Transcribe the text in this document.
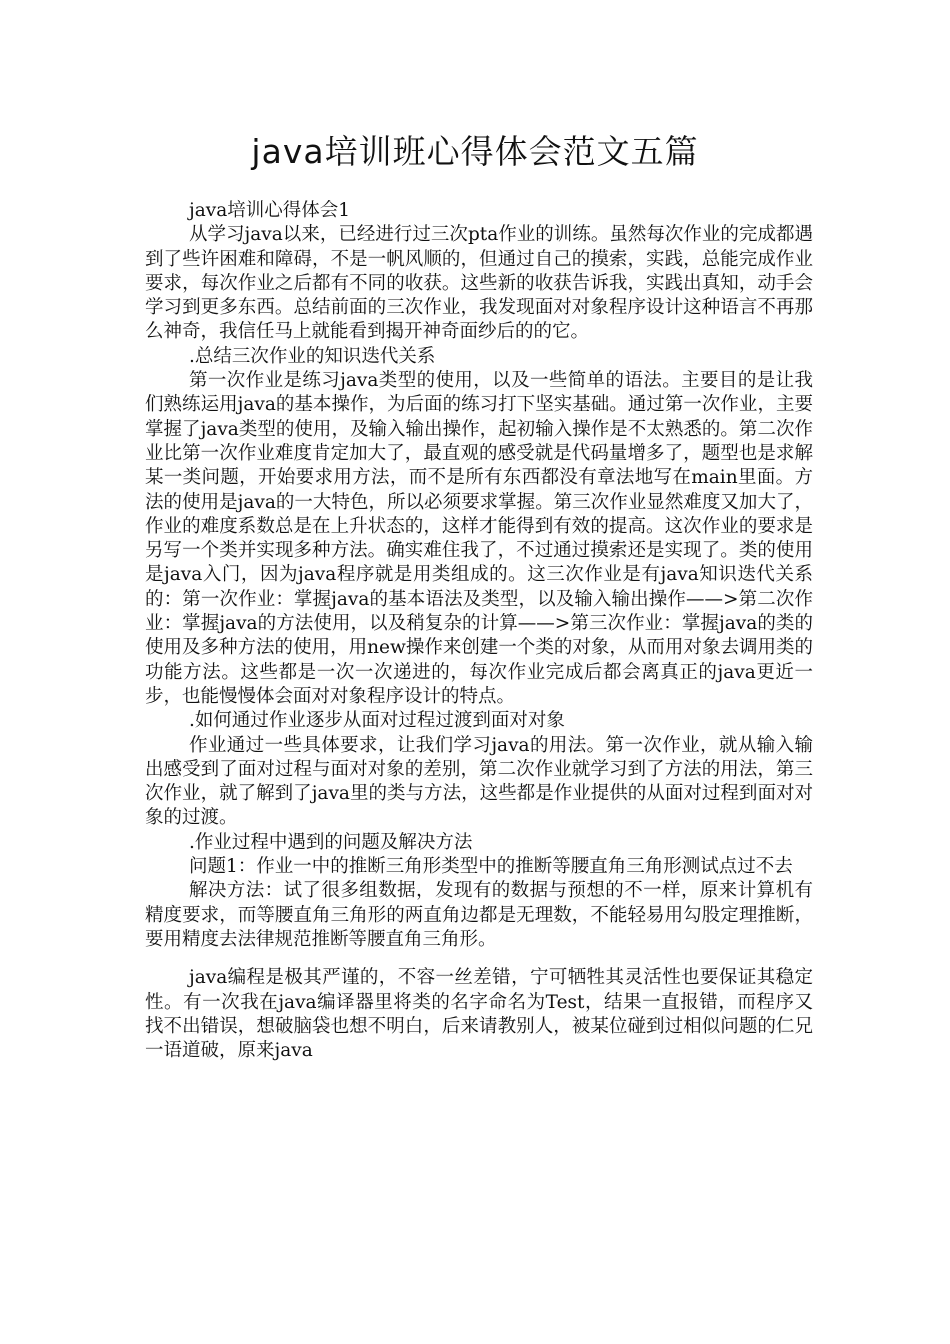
java培训班心得体会范文五篇

java培训心得体会1

从学习java以来，已经进行过三次pta作业的训练。虽然每次作业的完成都遇到了些许困难和障碍，不是一帆风顺的，但通过自己的摸索，实践，总能完成作业要求，每次作业之后都有不同的收获。这些新的收获告诉我，实践出真知，动手会学习到更多东西。总结前面的三次作业，我发现面对对象程序设计这种语言不再那么神奇，我信任马上就能看到揭开神奇面纱后的的它。

.总结三次作业的知识迭代关系

第一次作业是练习java类型的使用，以及一些简单的语法。主要目的是让我们熟练运用java的基本操作，为后面的练习打下坚实基础。通过第一次作业，主要掌握了java类型的使用，及输入输出操作，起初输入操作是不太熟悉的。第二次作业比第一次作业难度肯定加大了，最直观的感受就是代码量增多了，题型也是求解某一类问题，开始要求用方法，而不是所有东西都没有章法地写在main里面。方法的使用是java的一大特色，所以必须要求掌握。第三次作业显然难度又加大了，作业的难度系数总是在上升状态的，这样才能得到有效的提高。这次作业的要求是另写一个类并实现多种方法。确实难住我了，不过通过摸索还是实现了。类的使用是java入门，因为java程序就是用类组成的。这三次作业是有java知识迭代关系的：第一次作业：掌握java的基本语法及类型，以及输入输出操作——>第二次作业：掌握java的方法使用，以及稍复杂的计算——>第三次作业：掌握java的类的使用及多种方法的使用，用new操作来创建一个类的对象，从而用对象去调用类的功能方法。这些都是一次一次递进的，每次作业完成后都会离真正的java更近一步，也能慢慢体会面对对象程序设计的特点。

.如何通过作业逐步从面对过程过渡到面对对象

作业通过一些具体要求，让我们学习java的用法。第一次作业，就从输入输出感受到了面对过程与面对对象的差别，第二次作业就学习到了方法的用法，第三次作业，就了解到了java里的类与方法，这些都是作业提供的从面对过程到面对对象的过渡。

.作业过程中遇到的问题及解决方法

问题1：作业一中的推断三角形类型中的推断等腰直角三角形测试点过不去

解决方法：试了很多组数据，发现有的数据与预想的不一样，原来计算机有精度要求，而等腰直角三角形的两直角边都是无理数，不能轻易用勾股定理推断，要用精度去法律规范推断等腰直角三角形。

java编程是极其严谨的，不容一丝差错，宁可牺牲其灵活性也要保证其稳定性。有一次我在java编译器里将类的名字命名为Test，结果一直报错，而程序又找不出错误，想破脑袋也想不明白，后来请教别人，被某位碰到过相似问题的仁兄一语道破，原来java
